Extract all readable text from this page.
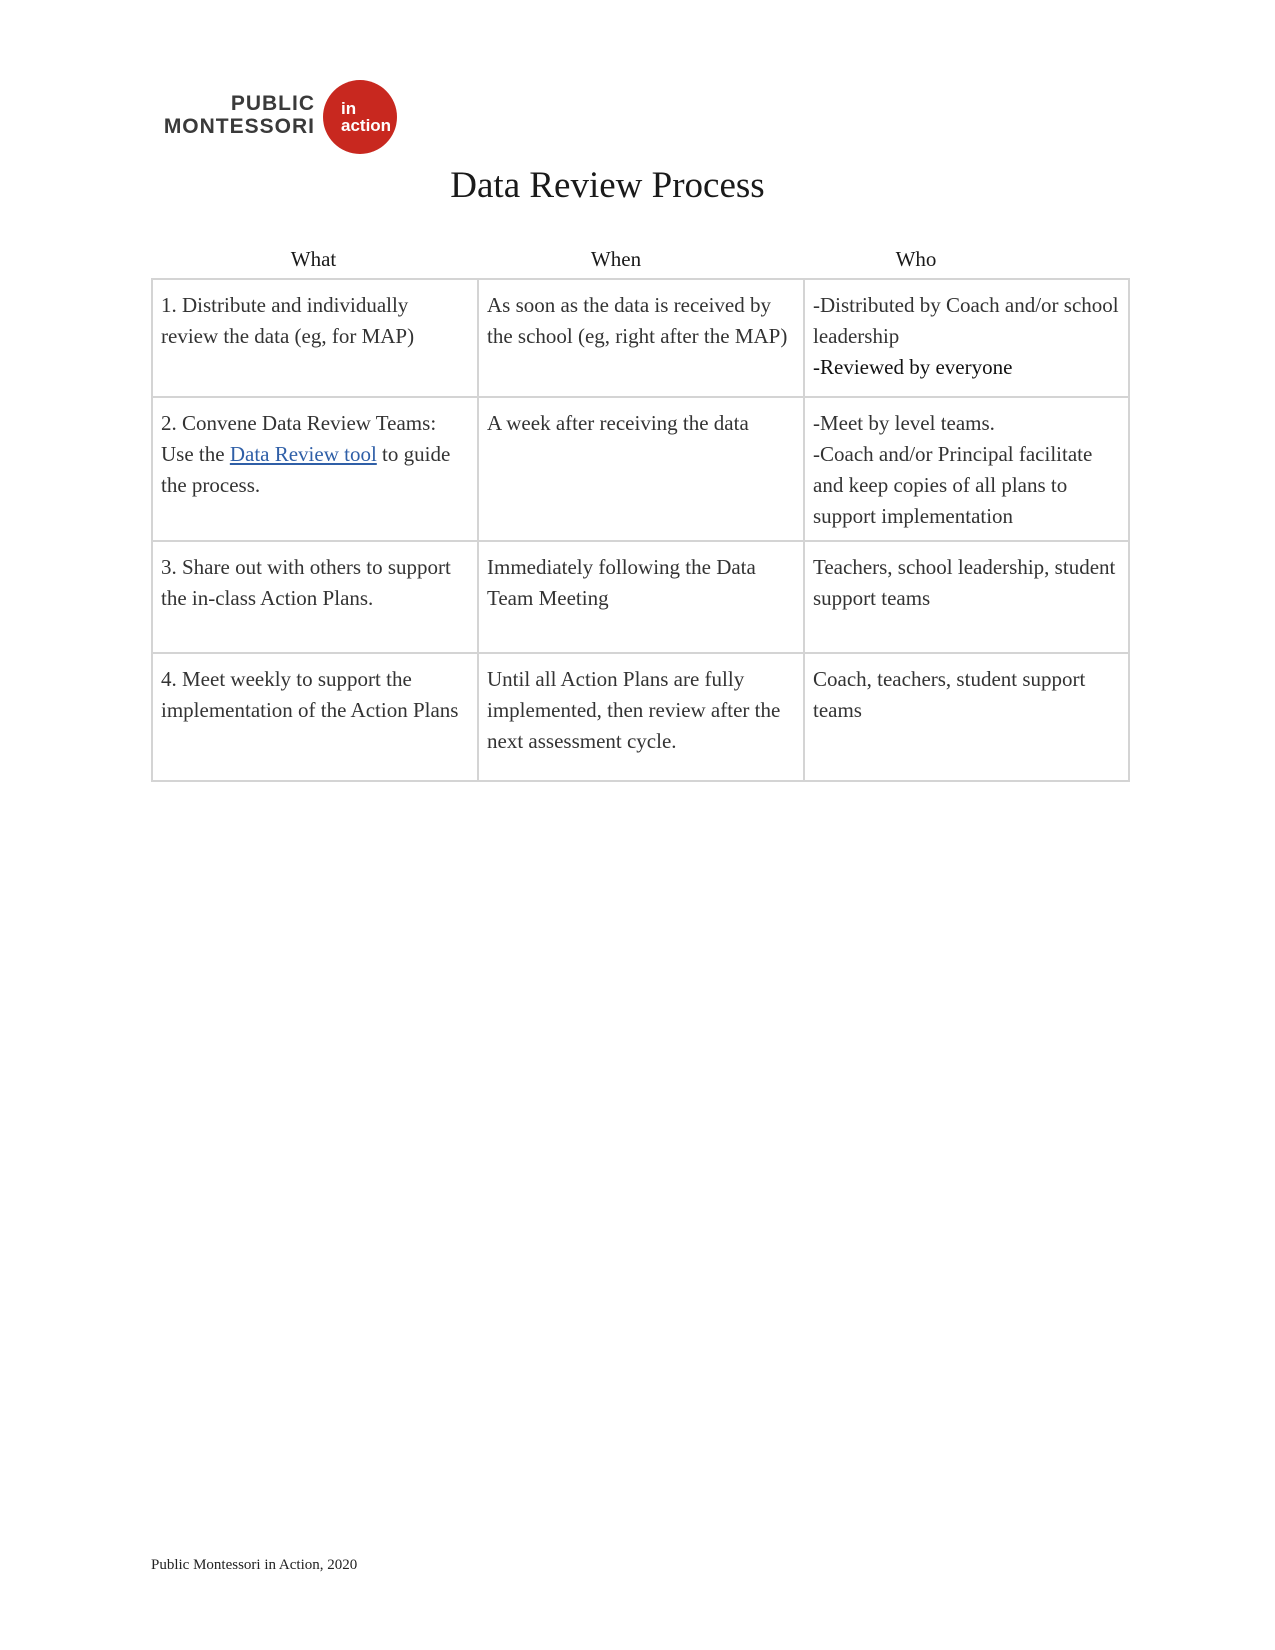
PUBLIC
MONTESSORI
in
action
Data Review Process
What	When	Who
1. Distribute and individually review the data (eg, for MAP)	As soon as the data is received by the school (eg, right after the MAP)	-Distributed by Coach and/or school leadership
-Reviewed by everyone

2. Convene Data Review Teams: Use the Data Review tool to guide the process.	A week after receiving the data	-Meet by level teams.
-Coach and/or Principal facilitate and keep copies of all plans to support implementation

3. Share out with others to support the in-class Action Plans.	Immediately following the Data Team Meeting	Teachers, school leadership, student support teams
4. Meet weekly to support the implementation of the Action Plans	Until all Action Plans are fully implemented, then review after the next assessment cycle.	Coach, teachers, student support teams
Public Montessori in Action, 2020
